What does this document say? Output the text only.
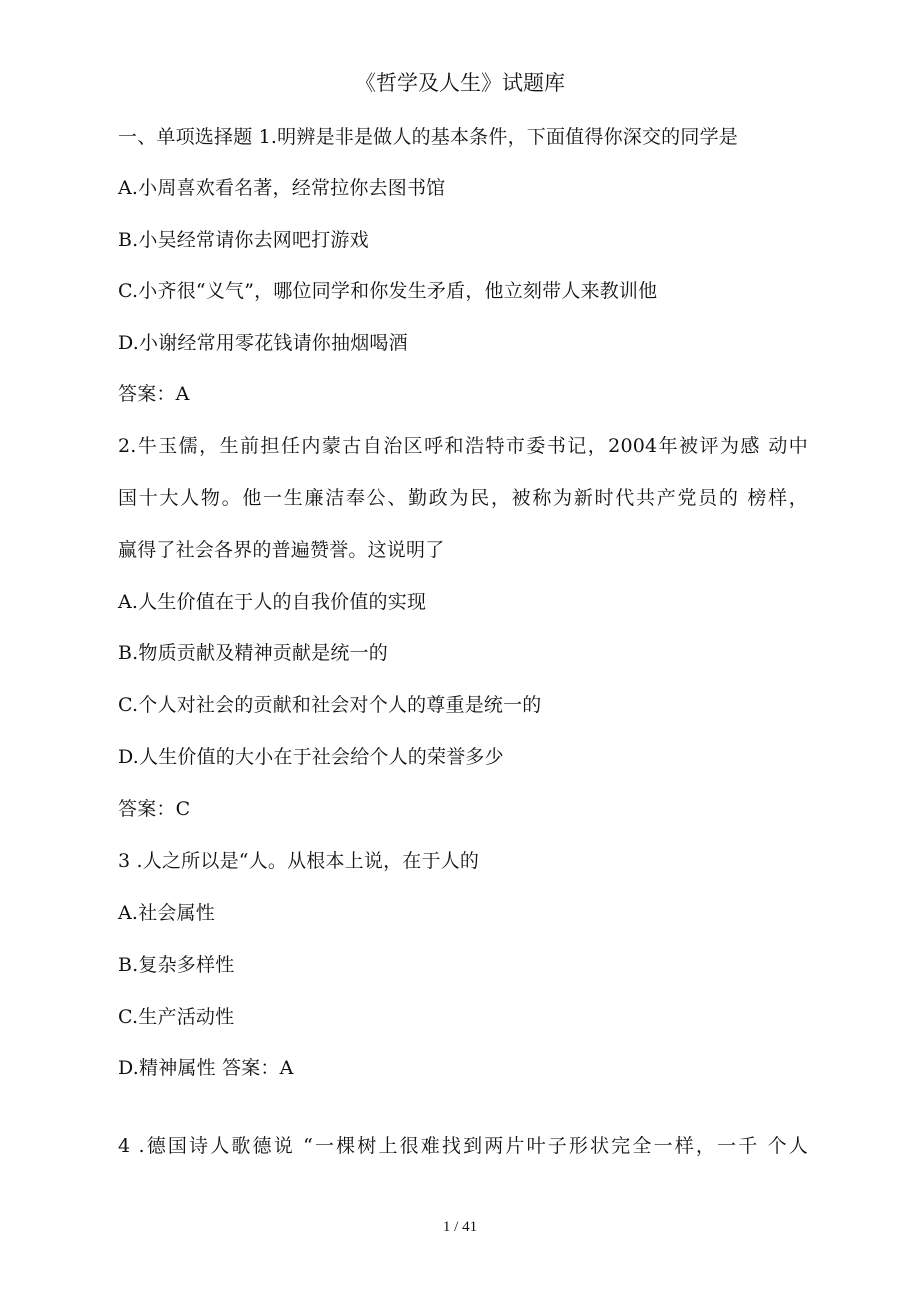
《哲学及人生》试题库
一、单项选择题 1.明辨是非是做人的基本条件，下面值得你深交的同学是
A.小周喜欢看名著，经常拉你去图书馆
B.小吴经常请你去网吧打游戏
C.小齐很“义气”，哪位同学和你发生矛盾，他立刻带人来教训他
D.小谢经常用零花钱请你抽烟喝酒
答案：A
2.牛玉儒，生前担任内蒙古自治区呼和浩特市委书记，2004年被评为感 动中
国十大人物。他一生廉洁奉公、勤政为民，被称为新时代共产党员的 榜样，
赢得了社会各界的普遍赞誉。这说明了
A.人生价值在于人的自我价值的实现
B.物质贡献及精神贡献是统一的
C.个人对社会的贡献和社会对个人的尊重是统一的
D.人生价值的大小在于社会给个人的荣誉多少
答案：C
3 .人之所以是“人。从根本上说，在于人的
A.社会属性
B.复杂多样性
C.生产活动性
D.精神属性 答案：A
4 .德国诗人歌德说 “一棵树上很难找到两片叶子形状完全一样，一千 个人
1 / 41
